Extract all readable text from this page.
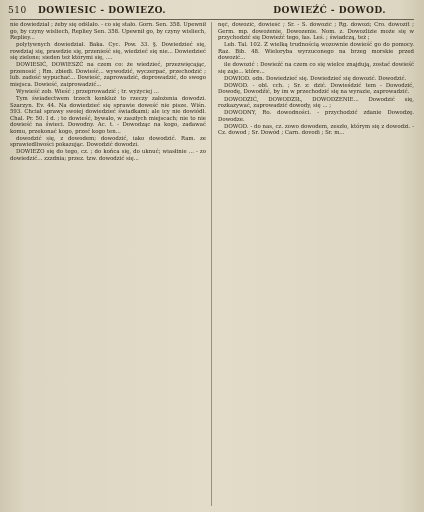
510 DOWIESIC - DOWIEZO.	DOWIEŹĆ - DOWOD.

nie dowiedział ; żeby się odślało. - co się stało. Gorn. Sen. 358. Upewnił go, by czyny wisliech, Repliey Sen. 358. Upewnił go, by czyny wisliech, Repliey...

polytywnych dowiedział. Baka. Cyc. Pow. 33. §. Dowiedzieć się, rowdziaj się, prawdzie się, przenieść się, wiedzieć się nie... Dowiedzieć się zielone; sieden też którymi się, ....

DOWIESIĆ, DOWIESZĆ na czem co: że wiedzieć, przezwięcając, przenosić ; Rm. zbiedi. Dowieść... wywodzić, wyczerpać, przechodzić ; lub. zadość wypuchać... Dowieść, zaprowadzić, doprowadzić, do swego miejsca. Dowieść, zaiprowadzić...

Wywieść zob. Wieść ; przeprowadzić ; tr. wyżyciej ...

Tym świadectwem trzech konkluż to rzeczy założenia dowodzi. Szarzyn. Ev. 44. Na dowiedzieć się sprawie doweść nie pisze. Wiśn. 593. Chciał sprawy swoiej dowiedzieć świadkami; ale icy nie dowiódł. Chal. Pr. 50. I d. ; to dowieść, bywało, w zaszłych miejscach; nie to nie dowieść na świeci. Dowodny. Ac. t. - Dowodząc na kogo, zadawać komu, przekonać kogo, przeć kogo ten...

dowodzić się, z dowodem; dowodzić, iako dowodzić. Ram. ze sprawiedliwości pokazując. Dowodzić dowodzi.

DOWIEZO się do tego, cz. ; do końca się, do uknuć; wiasłinie ... - zo dowiedzić... zzzdnia; przez. tzw. dowodzić się...

nęć, dowozić, dowieść ; Sr. - S. dowozić ; Rg. dowozi; Cro. dowozit ; Germ. mp. dowożenie, Dowozenie. Nom. z. Dowozlizie może się w przychodzić się Dowieźć tego, łas. Leś. ; świadczą, też ;

Leb. Tal. 102. Z wielką trudnością wozownie dowieść go do pomocy. Raz. Bib. 48. Wieloryba wyrzuconego na brzeg morskie przed dowozić...

ile dowozić : Dowieźć na czem co się wielce znajdują, zostać dowieść się zaje... które...

DOWIOD. odn. Dowiedzieć się. Dowiedzieć się dowozić. Dowodzić.

DOWOD. - obl. cch. ; Sr. z: dzić. Dowieśdzić tem - Dowodzić, Dowodę, Dowodźić, by im w przechodzić się na wyrazie, zaprowadzić.

DOWODZIĆ, DOWODZIŁ, DOWODZENIE... Dowodzić się, rozkazywać, zaprowadzić dowody, się ... ;

DOWODNY, Ro. dowodności. - przychodzić zdanie Dowodzę. Dowodze.

DOWOD. - do nas, cz. zowo dowodem, zeszło, którym się z dowodzi. - Cz. dowod ; Sr. Dowód ; Carn. dovodi ; Sr. m...
